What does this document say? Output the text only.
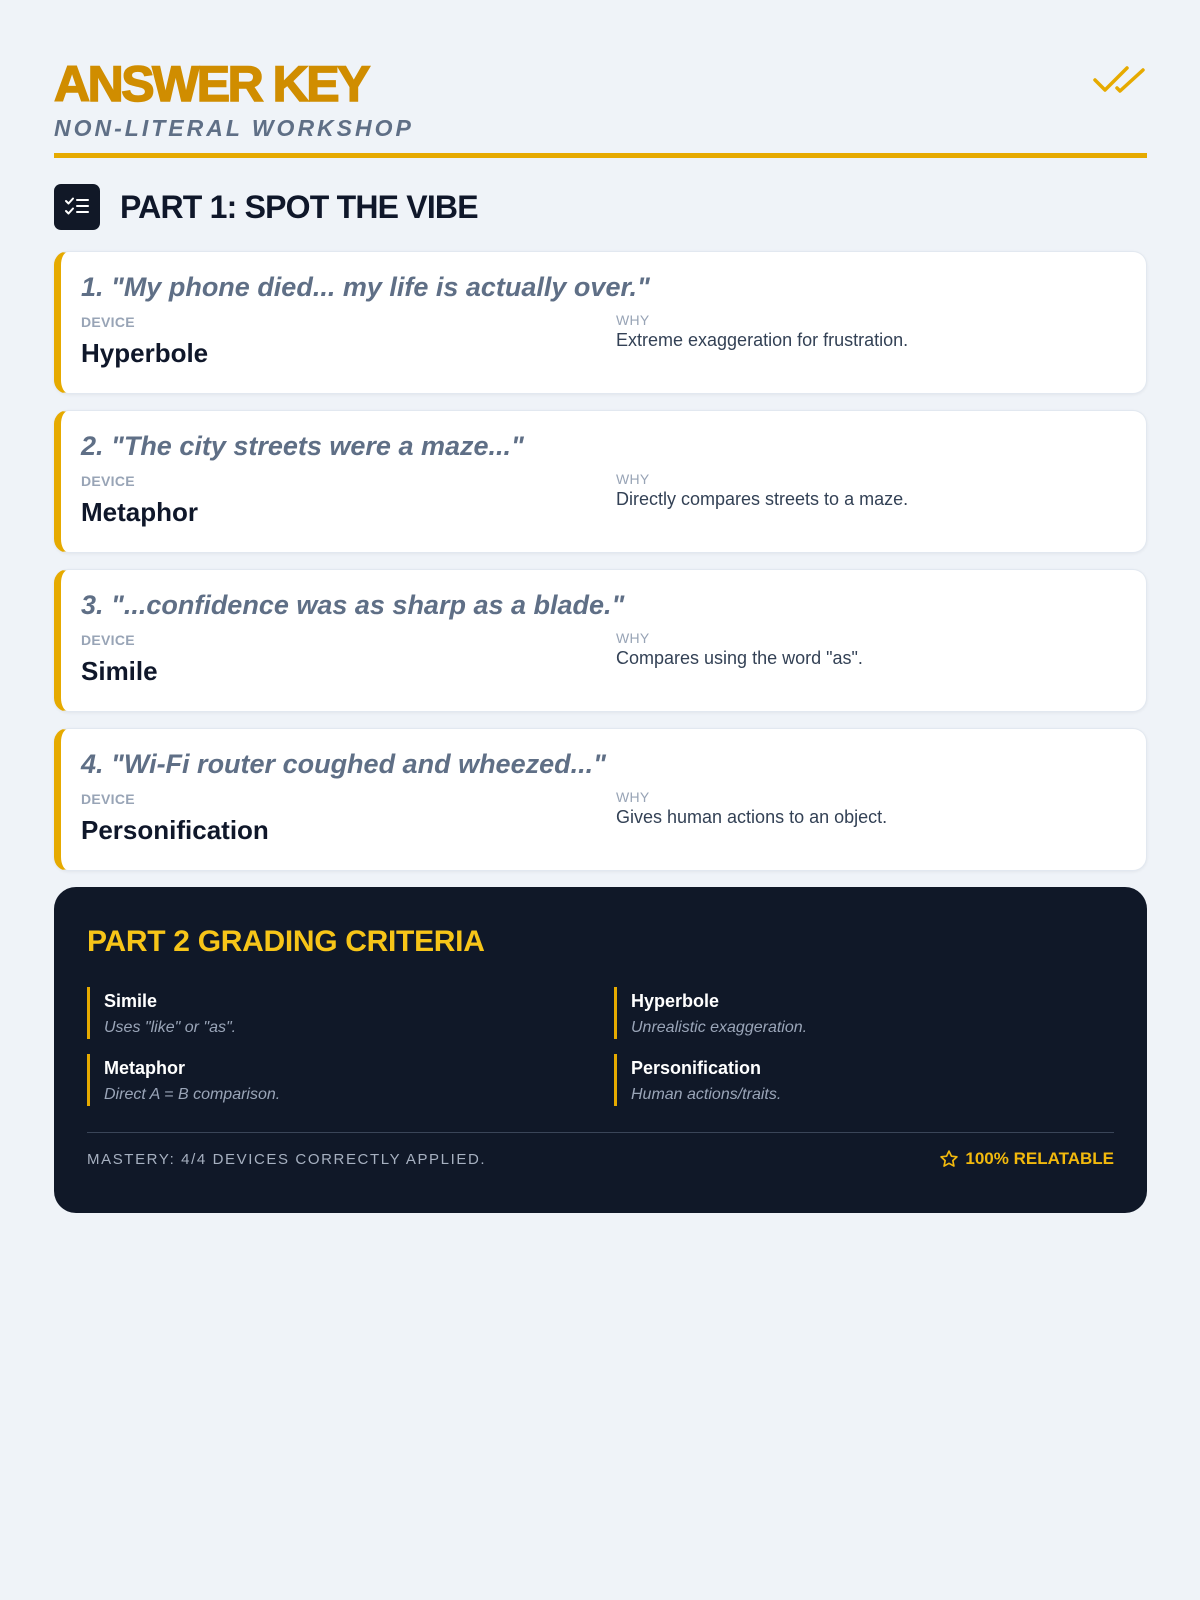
ANSWER KEY
NON-LITERAL WORKSHOP
PART 1: SPOT THE VIBE
1. "My phone died... my life is actually over."
DEVICE
Hyperbole
WHY
Extreme exaggeration for frustration.
2. "The city streets were a maze..."
DEVICE
Metaphor
WHY
Directly compares streets to a maze.
3. "...confidence was as sharp as a blade."
DEVICE
Simile
WHY
Compares using the word "as".
4. "Wi-Fi router coughed and wheezed..."
DEVICE
Personification
WHY
Gives human actions to an object.
PART 2 GRADING CRITERIA
Simile
Uses "like" or "as".
Hyperbole
Unrealistic exaggeration.
Metaphor
Direct A = B comparison.
Personification
Human actions/traits.
MASTERY: 4/4 DEVICES CORRECTLY APPLIED.	100% RELATABLE
